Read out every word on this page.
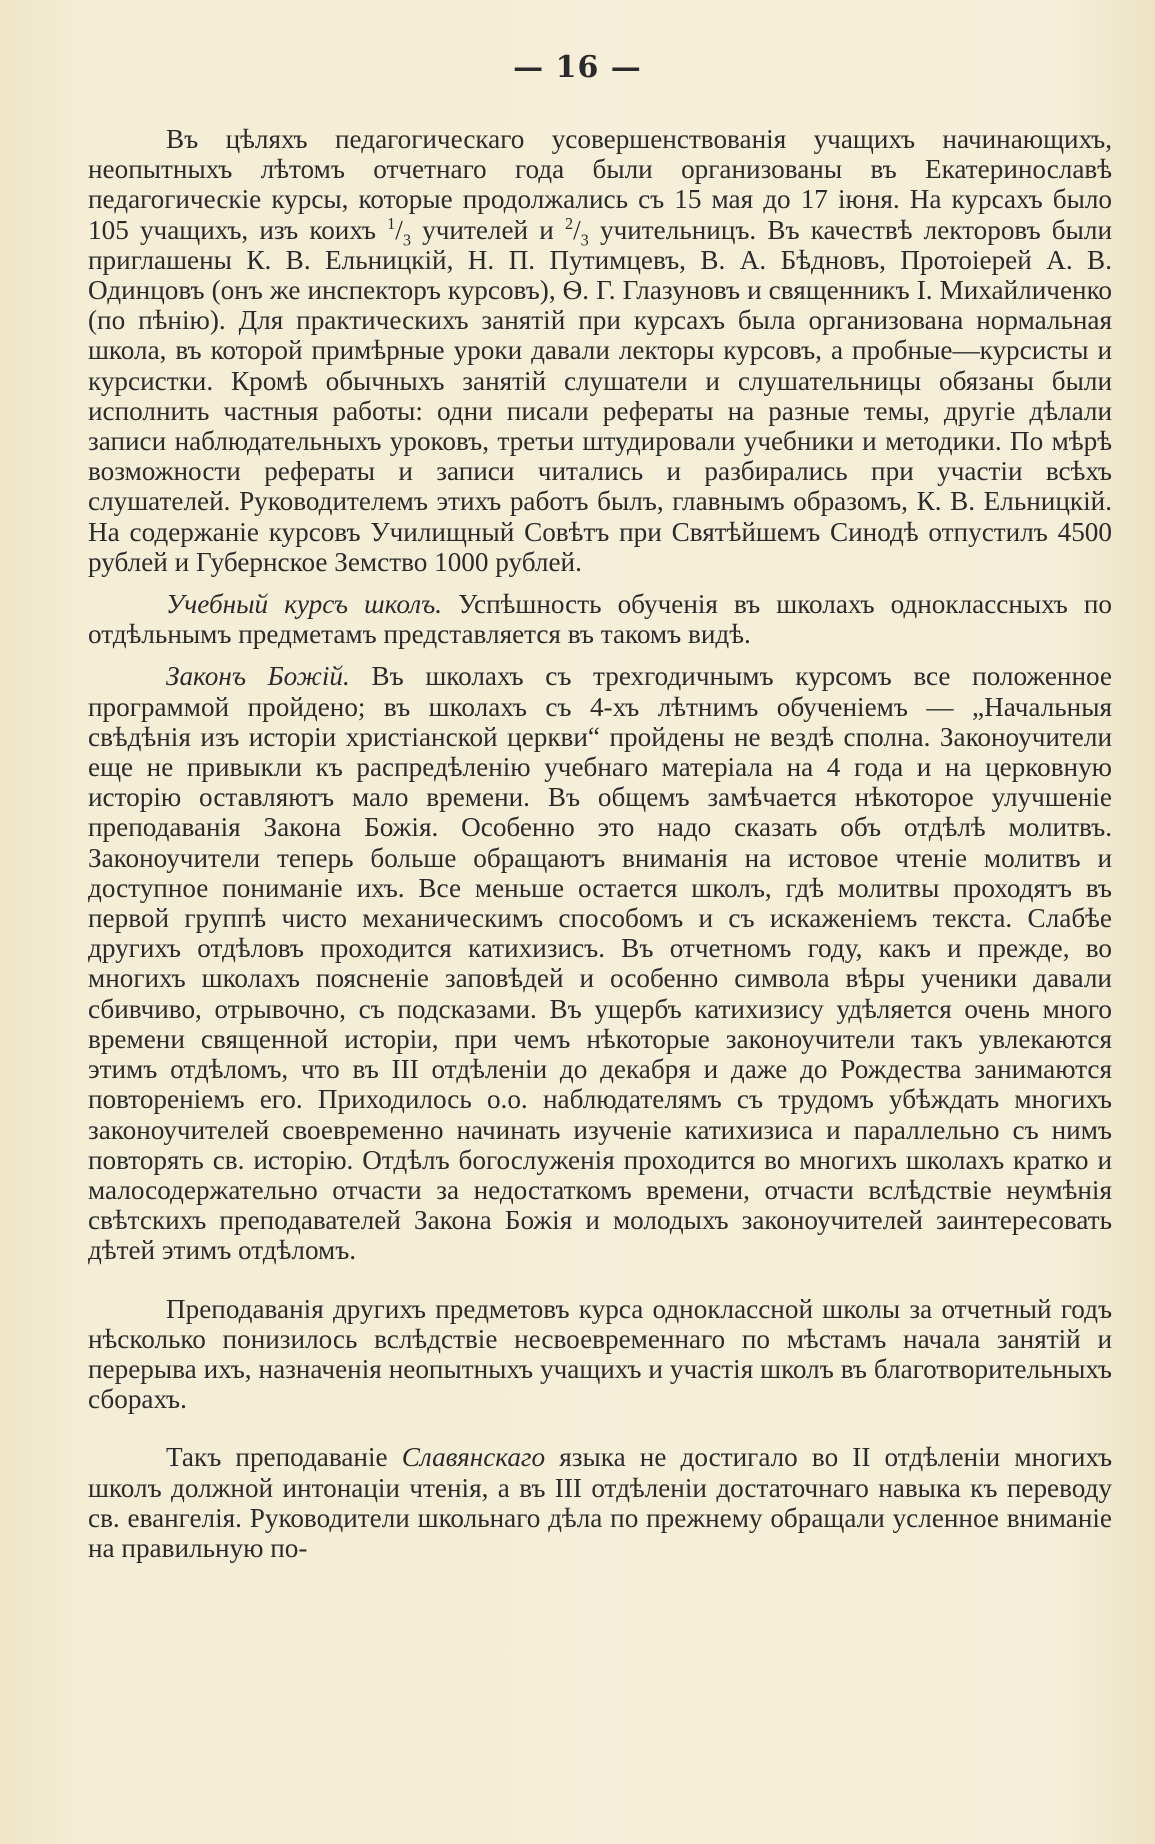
— 16 —

Въ цѣляхъ педагогическаго усовершенствованія учащихъ начинающихъ, неопытныхъ лѣтомъ отчетнаго года были организованы въ Екатеринославѣ педагогическіе курсы, которые продолжались съ 15 мая до 17 іюня. На курсахъ было 105 учащихъ, изъ коихъ $^1/_3$ учителей и $^2/_3$ учительницъ. Въ качествѣ лекторовъ были приглашены К. В. Ельницкій, Н. П. Путимцевъ, В. А. Бѣдновъ, Протоіерей А. В. Одинцовъ (онъ же инспекторъ курсовъ), Ѳ. Г. Глазуновъ и священникъ І. Михайличенко (по пѣнію). Для практическихъ занятій при курсахъ была организована нормальная школа, въ которой примѣрные уроки давали лекторы курсовъ, а пробные—курсисты и курсистки. Кромѣ обычныхъ занятій слушатели и слушательницы обязаны были исполнить частныя работы: одни писали рефераты на разные темы, другіе дѣлали записи наблюдательныхъ уроковъ, третьи штудировали учебники и методики. По мѣрѣ возможности рефераты и записи читались и разбирались при участіи всѣхъ слушателей. Руководителемъ этихъ работъ былъ, главнымъ образомъ, К. В. Ельницкій. На содержаніе курсовъ Училищный Совѣтъ при Святѣйшемъ Синодѣ отпустилъ 4500 рублей и Губернское Земство 1000 рублей.

Учебный курсъ школъ. Успѣшность обученія въ школахъ одноклассныхъ по отдѣльнымъ предметамъ представляется въ такомъ видѣ.

Законъ Божій. Въ школахъ съ трехгодичнымъ курсомъ все положенное программой пройдено; въ школахъ съ 4-хъ лѣтнимъ обученіемъ — „Начальныя свѣдѣнія изъ исторіи христіанской церкви“ пройдены не вездѣ сполна. Законоучители еще не привыкли къ распредѣленію учебнаго матеріала на 4 года и на церковную исторію оставляютъ мало времени. Въ общемъ замѣчается нѣкоторое улучшеніе преподаванія Закона Божія. Особенно это надо сказать объ отдѣлѣ молитвъ. Законоучители теперь больше обращаютъ вниманія на истовое чтеніе молитвъ и доступное пониманіе ихъ. Все меньше остается школъ, гдѣ молитвы проходятъ въ первой группѣ чисто механическимъ способомъ и съ искаженіемъ текста. Слабѣе другихъ отдѣловъ проходится катихизисъ. Въ отчетномъ году, какъ и прежде, во многихъ школахъ поясненіе заповѣдей и особенно символа вѣры ученики давали сбивчиво, отрывочно, съ подсказами. Въ ущербъ катихизису удѣляется очень много времени священной исторіи, при чемъ нѣкоторые законоучители такъ увлекаются этимъ отдѣломъ, что въ III отдѣленіи до декабря и даже до Рождества занимаются повтореніемъ его. Приходилось о.о. наблюдателямъ съ трудомъ убѣждать многихъ законоучителей своевременно начинать изученіе катихизиса и параллельно съ нимъ повторять св. исторію. Отдѣлъ богослуженія проходится во многихъ школахъ кратко и малосодержательно отчасти за недостаткомъ времени, отчасти вслѣдствіе неумѣнія свѣтскихъ преподавателей Закона Божія и молодыхъ законоучителей заинтересовать дѣтей этимъ отдѣломъ.

Преподаванія другихъ предметовъ курса одноклассной школы за отчетный годъ нѣсколько понизилось вслѣдствіе несвоевременнаго по мѣстамъ начала занятій и перерыва ихъ, назначенія неопытныхъ учащихъ и участія школъ въ благотворительныхъ сборахъ.

Такъ преподаваніе Славянскаго языка не достигало во II отдѣленіи многихъ школъ должной интонаціи чтенія, а въ III отдѣленіи достаточнаго навыка къ переводу св. евангелія. Руководители школьнаго дѣла по прежнему обращали усленное вниманіе на правильную по-
